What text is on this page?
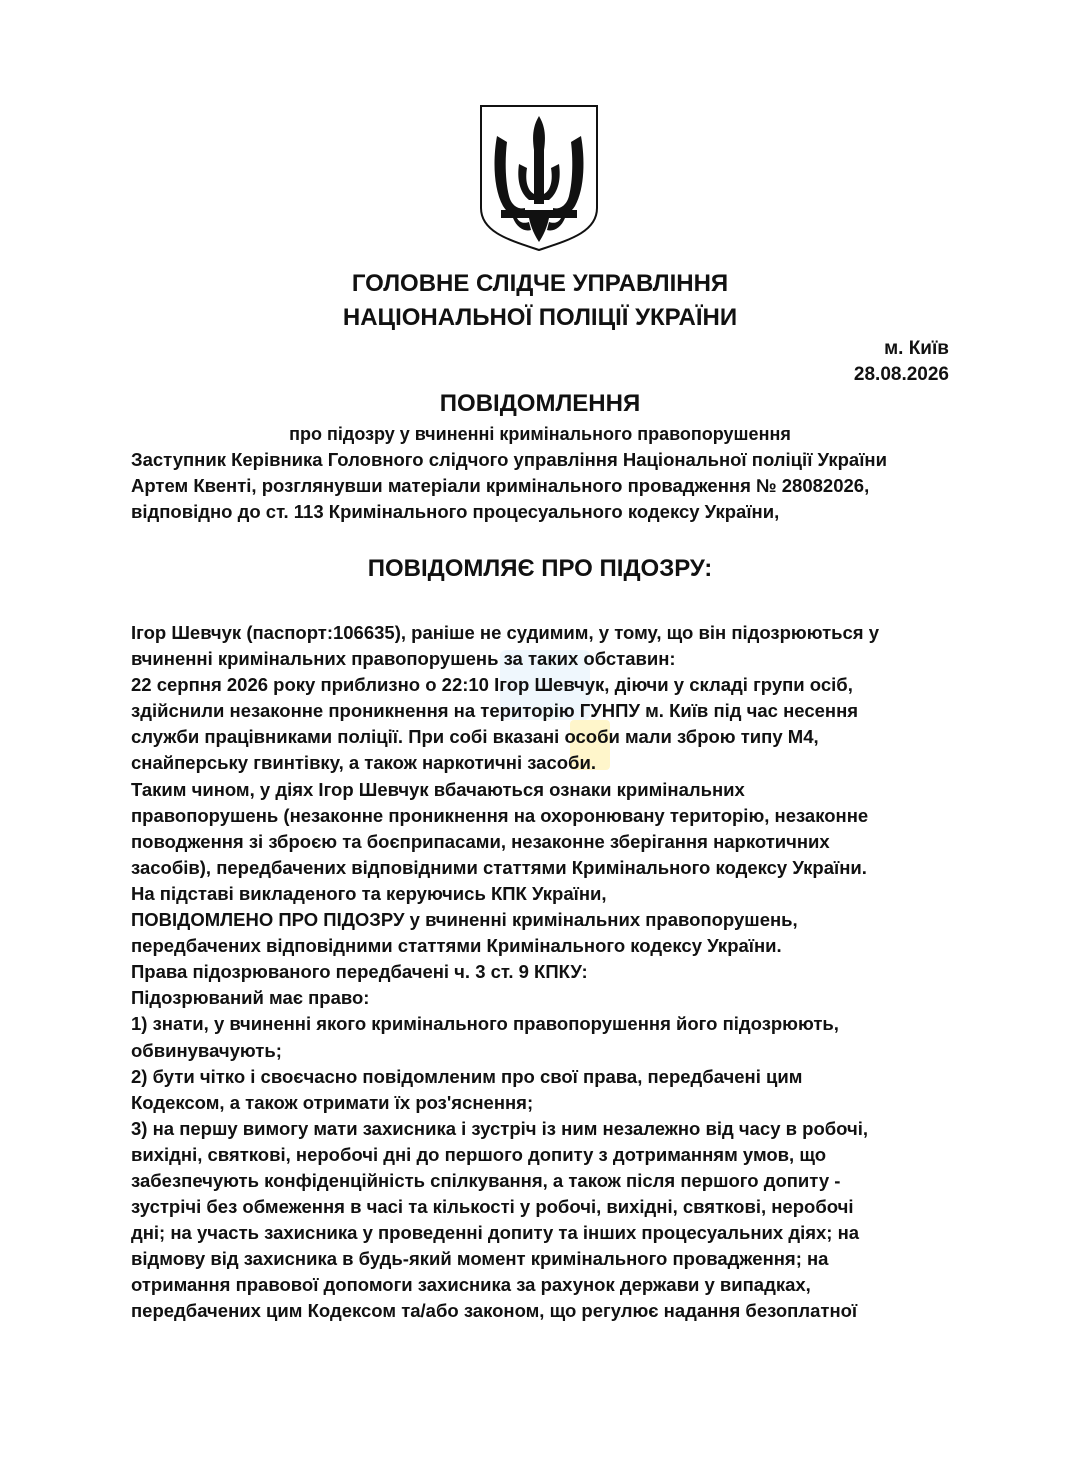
ГОЛОВНЕ СЛІДЧЕ УПРАВЛІННЯ
НАЦІОНАЛЬНОЇ ПОЛІЦІЇ УКРАЇНИ
м. Київ
28.08.2026
ПОВІДОМЛЕННЯ
про підозру у вчиненні кримінального правопорушення
Заступник Керівника Головного слідчого управління Національної поліції України
Артем Квенті, розглянувши матеріали кримінального провадження № 28082026,
відповідно до ст. 113 Кримінального процесуального кодексу України,
ПОВІДОМЛЯЄ ПРО ПІДОЗРУ:
Ігор Шевчук (паспорт:106635), раніше не судимим, у тому, що він підозрюються у
вчиненні кримінальних правопорушень за таких обставин:
22 серпня 2026 року приблизно о 22:10 Ігор Шевчук, діючи у складі групи осіб,
здійснили незаконне проникнення на територію ГУНПУ м. Київ під час несення
служби працівниками поліції. При собі вказані особи мали зброю типу М4,
снайперську гвинтівку, а також наркотичні засоби.
Таким чином, у діях Ігор Шевчук вбачаються ознаки кримінальних
правопорушень (незаконне проникнення на охоронювану територію, незаконне
поводження зі зброєю та боєприпасами, незаконне зберігання наркотичних
засобів), передбачених відповідними статтями Кримінального кодексу України.
На підставі викладеного та керуючись КПК України,
ПОВІДОМЛЕНО ПРО ПІДОЗРУ у вчиненні кримінальних правопорушень,
передбачених відповідними статтями Кримінального кодексу України.
Права підозрюваного передбачені ч. 3 ст. 9 КПКУ:
Підозрюваний має право:
1) знати, у вчиненні якого кримінального правопорушення його підозрюють,
обвинувачують;
2) бути чітко і своєчасно повідомленим про свої права, передбачені цим
Кодексом, а також отримати їх роз'яснення;
3) на першу вимогу мати захисника і зустріч із ним незалежно від часу в робочі,
вихідні, святкові, неробочі дні до першого допиту з дотриманням умов, що
забезпечують конфіденційність спілкування, а також після першого допиту -
зустрічі без обмеження в часі та кількості у робочі, вихідні, святкові, неробочі
дні; на участь захисника у проведенні допиту та інших процесуальних діях; на
відмову від захисника в будь-який момент кримінального провадження; на
отримання правової допомоги захисника за рахунок держави у випадках,
передбачених цим Кодексом та/або законом, що регулює надання безоплатної
